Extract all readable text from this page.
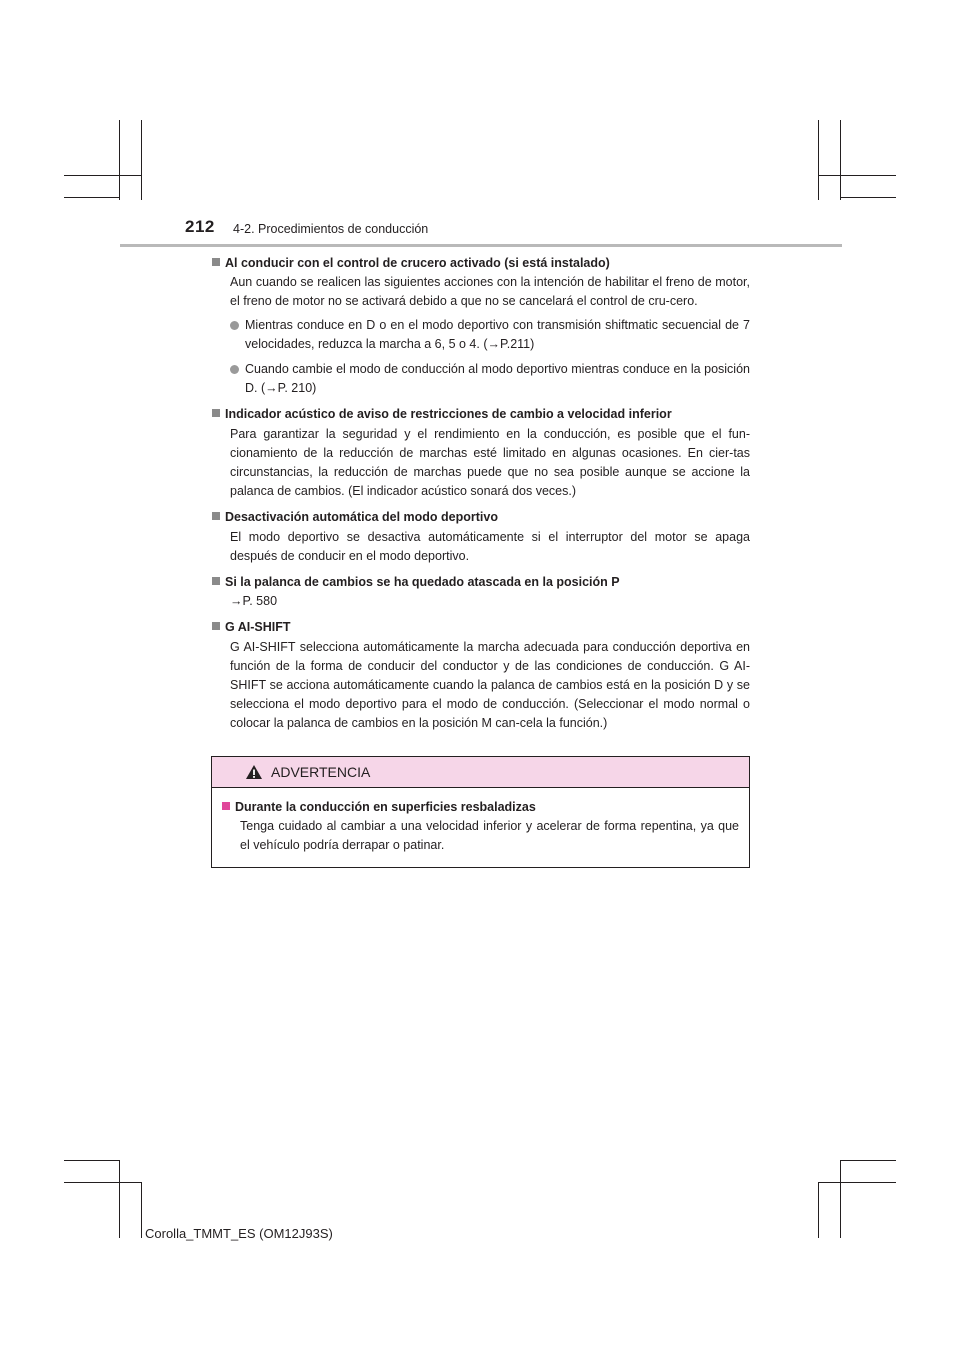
212 4-2. Procedimientos de conducción
Al conducir con el control de crucero activado (si está instalado)
Aun cuando se realicen las siguientes acciones con la intención de habilitar el freno de motor, el freno de motor no se activará debido a que no se cancelará el control de cru-cero.
Mientras conduce en D o en el modo deportivo con transmisión shiftmatic secuencial de 7 velocidades, reduzca la marcha a 6, 5 o 4. (→P.211)
Cuando cambie el modo de conducción al modo deportivo mientras conduce en la posición D. (→P. 210)
Indicador acústico de aviso de restricciones de cambio a velocidad inferior
Para garantizar la seguridad y el rendimiento en la conducción, es posible que el fun-cionamiento de la reducción de marchas esté limitado en algunas ocasiones. En cier-tas circunstancias, la reducción de marchas puede que no sea posible aunque se accione la palanca de cambios. (El indicador acústico sonará dos veces.)
Desactivación automática del modo deportivo
El modo deportivo se desactiva automáticamente si el interruptor del motor se apaga después de conducir en el modo deportivo.
Si la palanca de cambios se ha quedado atascada en la posición P
→P. 580
G AI-SHIFT
G AI-SHIFT selecciona automáticamente la marcha adecuada para conducción deportiva en función de la forma de conducir del conductor y de las condiciones de conducción. G AI-SHIFT se acciona automáticamente cuando la palanca de cambios está en la posición D y se selecciona el modo deportivo para el modo de conducción. (Seleccionar el modo normal o colocar la palanca de cambios en la posición M can-cela la función.)
ADVERTENCIA
Durante la conducción en superficies resbaladizas
Tenga cuidado al cambiar a una velocidad inferior y acelerar de forma repentina, ya que el vehículo podría derrapar o patinar.
Corolla_TMMT_ES (OM12J93S)
